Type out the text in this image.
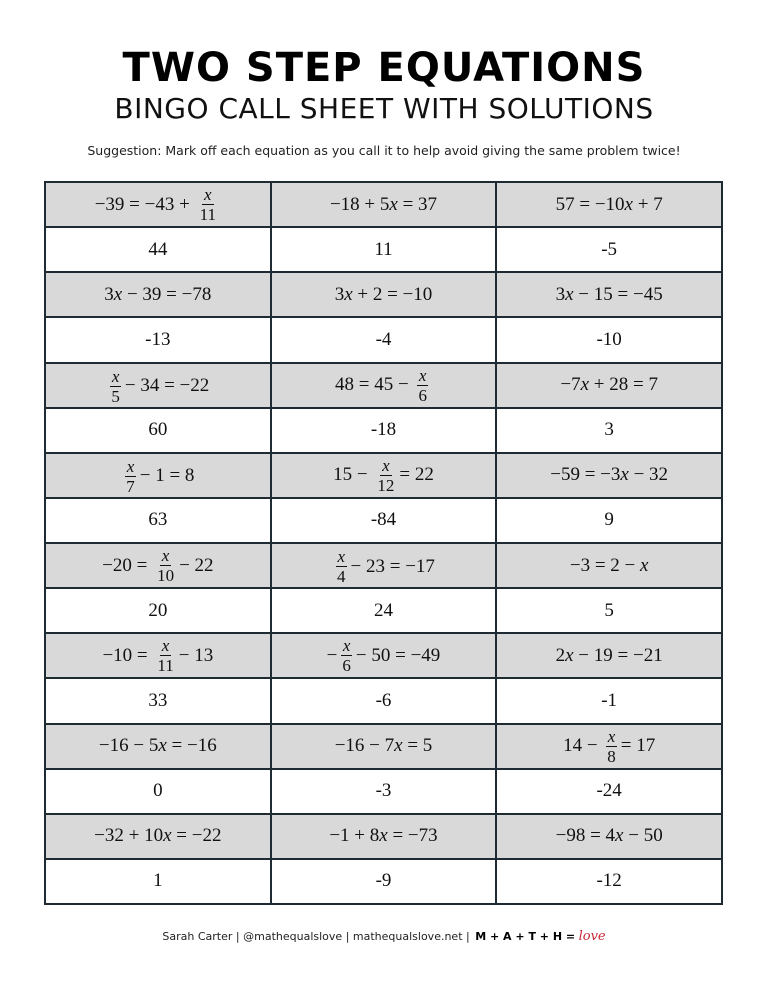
TWO STEP EQUATIONS
BINGO CALL SHEET WITH SOLUTIONS
Suggestion: Mark off each equation as you call it to help avoid giving the same problem twice!
$-39 = -43 + \frac{x}{11}$	−18 + 5 x = 37	57 = −10 x + 7

44	11	-5

3 x − 39 = −78	3 x + 2 = −10	3 x − 15 = −45

-13	-4	-10

$\frac{x}{5} - 34 = -22$	$48 = 45 - \frac{x}{6}$	−7 x + 28 = 7

60	-18	3

$\frac{x}{7} - 1 = 8$	$15 - \frac{x}{12} = 22$	−59 = −3 x − 32

63	-84	9

$-20 = \frac{x}{10} - 22$	$\frac{x}{4} - 23 = -17$	−3 = 2 − x

20	24	5

$-10 = \frac{x}{11} - 13$	− $\frac{x}{6} - 50 = -49$	2 x − 19 = −21

33	-6	-1

−16 − 5 x = −16	−16 − 7 x = 5	$14 - \frac{x}{8} = 17$

0	-3	-24

−32 + 10 x = −22	−1 + 8 x = −73	−98 = 4 x − 50

1	-9	-12
Sarah Carter | @mathequalslove | mathequalslove.net | M + A + T + H = love
